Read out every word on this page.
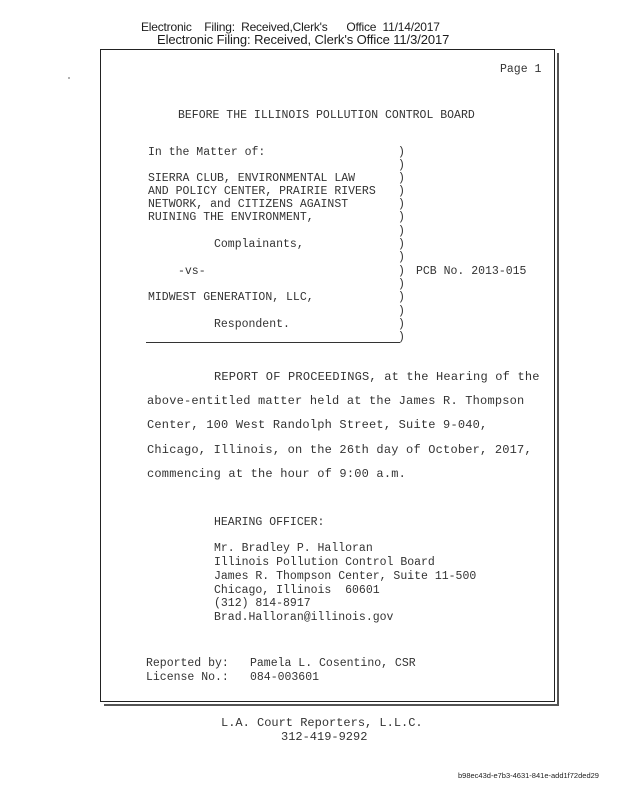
Electronic    Filing:  Received,Clerk's      Office  11/14/2017
Electronic Filing: Received, Clerk's Office 11/3/2017
Page 1
BEFORE THE ILLINOIS POLLUTION CONTROL BOARD
In the Matter of:
SIERRA CLUB, ENVIRONMENTAL LAW
AND POLICY CENTER, PRAIRIE RIVERS
NETWORK, and CITIZENS AGAINST
RUINING THE ENVIRONMENT,
Complainants,
-vs-
MIDWEST GENERATION, LLC,
Respondent.
PCB No. 2013-015
)
)
)
)
)
)
)
)
)
)
)
)
)
)
)
REPORT OF PROCEEDINGS, at the Hearing of the
above-entitled matter held at the James R. Thompson
Center, 100 West Randolph Street, Suite 9-040,
Chicago, Illinois, on the 26th day of October, 2017,
commencing at the hour of 9:00 a.m.
HEARING OFFICER:
Mr. Bradley P. Halloran
Illinois Pollution Control Board
James R. Thompson Center, Suite 11-500
Chicago, Illinois  60601
(312) 814-8917
Brad.Halloran@illinois.gov
Reported by: Pamela L. Cosentino, CSR
License No.: 084-003601
L.A. Court Reporters, L.L.C.
312-419-9292
b98ec43d-e7b3-4631-841e-add1f72ded29
